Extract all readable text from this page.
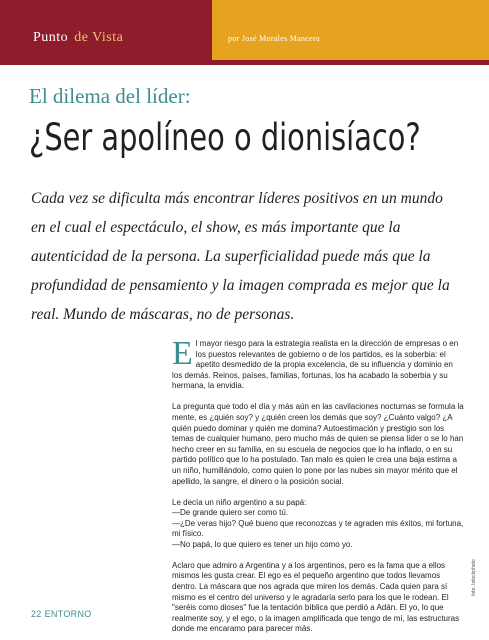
Punto de Vista	por José Morales Mancera
El dilema del líder:
¿Ser apolíneo o dionisíaco?
Cada vez se dificulta más encontrar líderes positivos en un mundo en el cual el espectáculo, el show, es más importante que la autenticidad de la persona. La superficialidad puede más que la profundidad de pensamiento y la imagen comprada es mejor que la real. Mundo de máscaras, no de personas.

El mayor riesgo para la estrategia realista en la dirección de empresas o en los puestos relevantes de gobierno o de los partidos, es la soberbia: el apetito desmedido de la propia excelencia, de su influencia y dominio en los demás. Reinos, países, familias, fortunas, los ha acabado la soberbia y su hermana, la envidia.

La pregunta que todo el día y más aún en las cavilaciones nocturnas se formula la mente, es ¿quién soy? y ¿quién creen los demás que soy? ¿Cuánto valgo? ¿A quién puedo dominar y quién me domina? Autoestimación y prestigio son los temas de cualquier humano, pero mucho más de quien se piensa líder o se lo han hecho creer en su familia, en su escuela de negocios que lo ha inflado, o en su partido político que lo ha postulado. Tan malo es quien le crea una baja estima a un niño, humillándolo, como quien lo pone por las nubes sin mayor mérito que el apellido, la sangre, el dinero o la posición social.

Le decía un niño argentino a su papá:
—De grande quiero ser como tú.
—¿De veras hijo? Qué bueno que reconozcas y te agraden mis éxitos, mi fortuna, mi físico.
—No papá, lo que quiero es tener un hijo como yo.

Aclaro que admiro a Argentina y a los argentinos, pero es la fama que a ellos mismos les gusta crear. El ego es el pequeño argentino que todos llevamos dentro. La máscara que nos agrada que miren los demás. Cada quien para sí mismo es el centro del universo y le agradaría serlo para los que le rodean. El "seréis como dioses" fue la tentación bíblica que perdió a Adán. El yo, lo que realmente soy, y el ego, o la imagen amplificada que tengo de mí, las estructuras donde me encaramo para parecer más.

foto: Istockphoto
22 ENTORNO
